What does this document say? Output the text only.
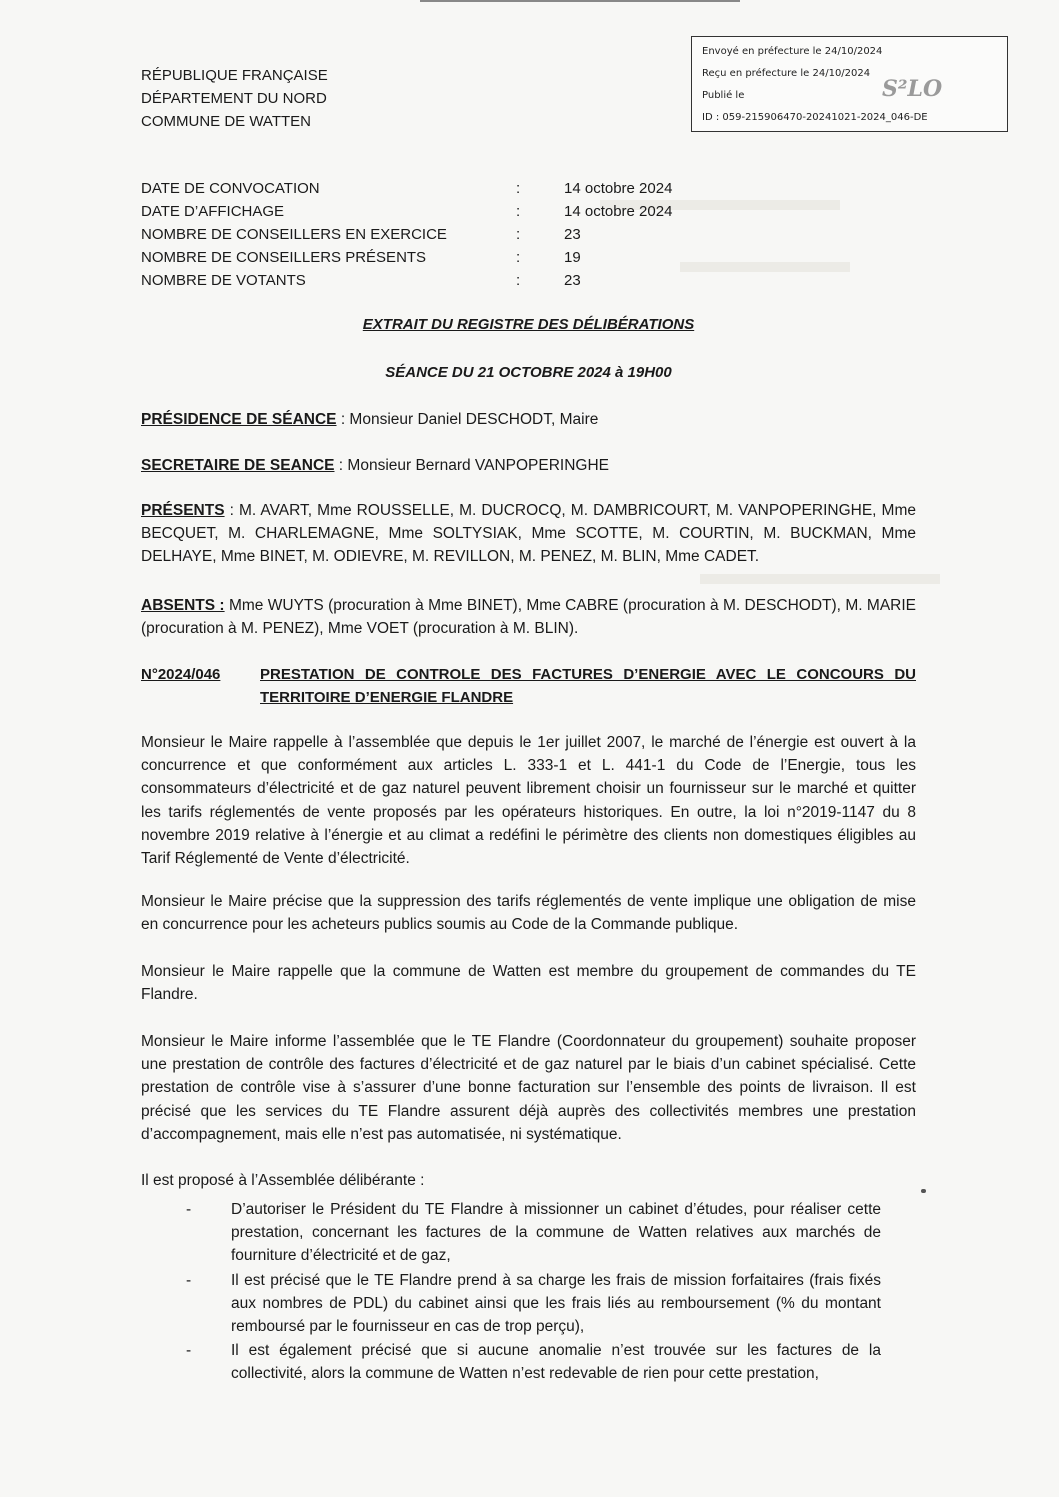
RÉPUBLIQUE FRANÇAISE
DÉPARTEMENT DU NORD
COMMUNE DE WATTEN
Envoyé en préfecture le 24/10/2024
Reçu en préfecture le 24/10/2024
Publié le
ID : 059-215906470-20241021-2024_046-DE
S²LO
DATE DE CONVOCATION	:	14 octobre 2024
DATE D’AFFICHAGE	:	14 octobre 2024
NOMBRE DE CONSEILLERS EN EXERCICE	:	23
NOMBRE DE CONSEILLERS PRÉSENTS	:	19
NOMBRE DE VOTANTS	:	23
EXTRAIT DU REGISTRE DES DÉLIBÉRATIONS
SÉANCE DU 21 OCTOBRE 2024 à 19H00
PRÉSIDENCE DE SÉANCE : Monsieur Daniel DESCHODT, Maire
SECRETAIRE DE SEANCE : Monsieur Bernard VANPOPERINGHE
PRÉSENTS : M. AVART, Mme ROUSSELLE, M. DUCROCQ, M. DAMBRICOURT, M. VANPOPERINGHE, Mme BECQUET, M. CHARLEMAGNE, Mme SOLTYSIAK, Mme SCOTTE, M. COURTIN, M. BUCKMAN, Mme DELHAYE, Mme BINET, M. ODIEVRE, M. REVILLON, M. PENEZ, M. BLIN, Mme CADET.
ABSENTS : Mme WUYTS (procuration à Mme BINET), Mme CABRE (procuration à M. DESCHODT), M. MARIE (procuration à M. PENEZ), Mme VOET (procuration à M. BLIN).
N°2024/046	PRESTATION DE CONTROLE DES FACTURES D’ENERGIE AVEC LE CONCOURS DU TERRITOIRE D’ENERGIE FLANDRE
Monsieur le Maire rappelle à l’assemblée que depuis le 1er juillet 2007, le marché de l’énergie est ouvert à la concurrence et que conformément aux articles L. 333-1 et L. 441-1 du Code de l’Energie, tous les consommateurs d’électricité et de gaz naturel peuvent librement choisir un fournisseur sur le marché et quitter les tarifs réglementés de vente proposés par les opérateurs historiques. En outre, la loi n°2019-1147 du 8 novembre 2019 relative à l’énergie et au climat a redéfini le périmètre des clients non domestiques éligibles au Tarif Réglementé de Vente d’électricité.
Monsieur le Maire précise que la suppression des tarifs réglementés de vente implique une obligation de mise en concurrence pour les acheteurs publics soumis au Code de la Commande publique.
Monsieur le Maire rappelle que la commune de Watten est membre du groupement de commandes du TE Flandre.
Monsieur le Maire informe l’assemblée que le TE Flandre (Coordonnateur du groupement) souhaite proposer une prestation de contrôle des factures d’électricité et de gaz naturel par le biais d’un cabinet spécialisé. Cette prestation de contrôle vise à s’assurer d’une bonne facturation sur l’ensemble des points de livraison. Il est précisé que les services du TE Flandre assurent déjà auprès des collectivités membres une prestation d’accompagnement, mais elle n’est pas automatisée, ni systématique.
Il est proposé à l’Assemblée délibérante :
-	D’autoriser le Président du TE Flandre à missionner un cabinet d’études, pour réaliser cette prestation, concernant les factures de la commune de Watten relatives aux marchés de fourniture d’électricité et de gaz,
-	Il est précisé que le TE Flandre prend à sa charge les frais de mission forfaitaires (frais fixés aux nombres de PDL) du cabinet ainsi que les frais liés au remboursement (% du montant remboursé par le fournisseur en cas de trop perçu),
-	Il est également précisé que si aucune anomalie n’est trouvée sur les factures de la collectivité, alors la commune de Watten n’est redevable de rien pour cette prestation,
